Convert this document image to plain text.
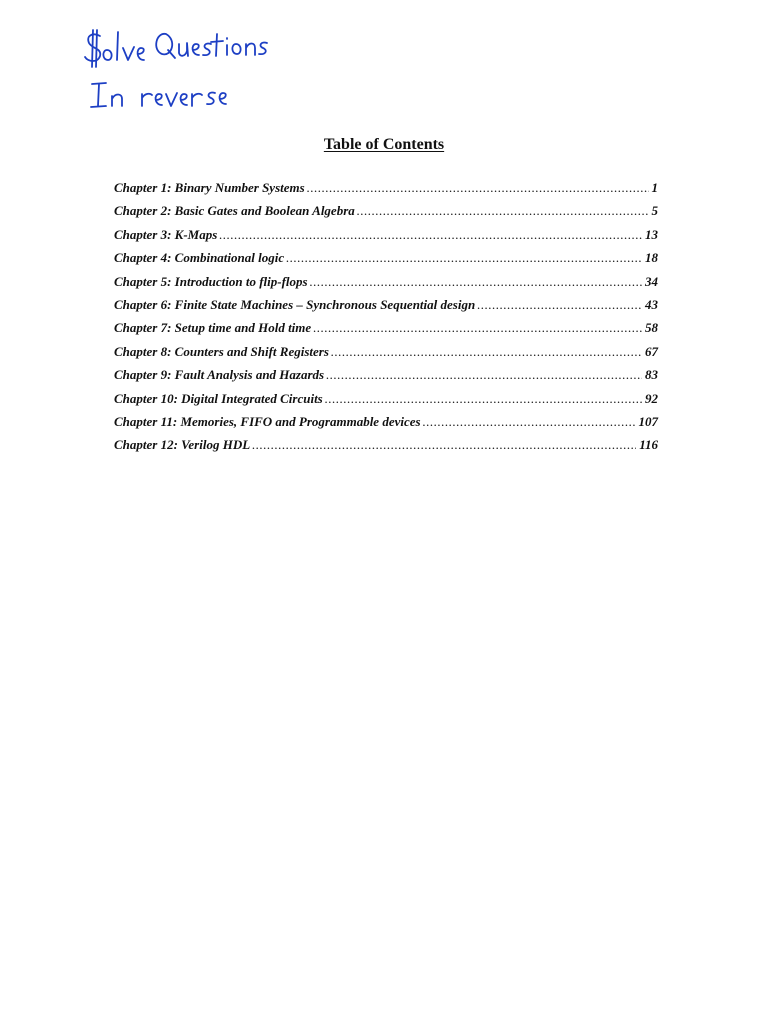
Table of Contents
Chapter 1: Binary Number Systems .....	1
Chapter 2: Basic Gates and Boolean Algebra .....	5
Chapter 3: K-Maps .....	13
Chapter 4: Combinational logic .....	18
Chapter 5: Introduction to flip-flops .....	34
Chapter 6: Finite State Machines – Synchronous Sequential design .....	43
Chapter 7: Setup time and Hold time .....	58
Chapter 8: Counters and Shift Registers .....	67
Chapter 9: Fault Analysis and Hazards .....	83
Chapter 10: Digital Integrated Circuits .....	92
Chapter 11: Memories, FIFO and Programmable devices .....	107
Chapter 12: Verilog HDL .....	116
